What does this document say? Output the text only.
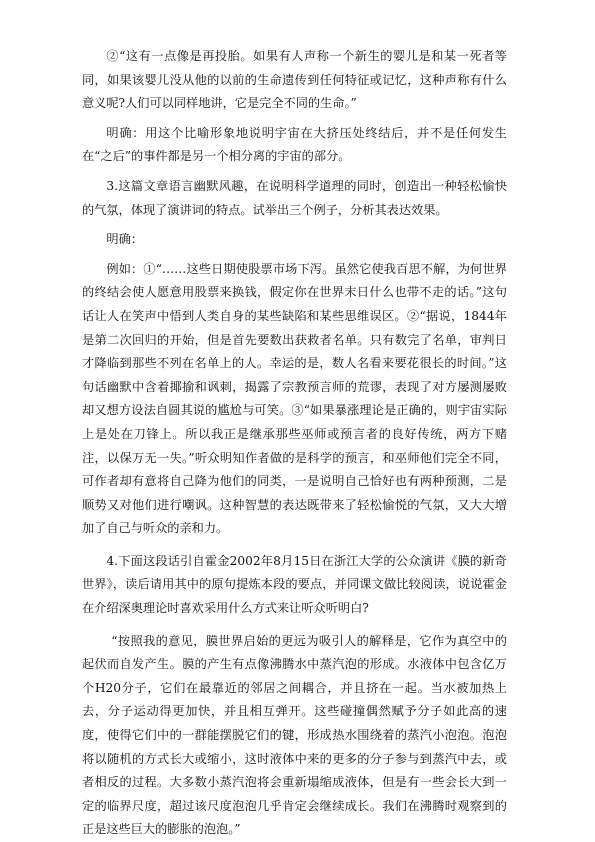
②“这有一点像是再投胎。如果有人声称一个新生的婴儿是和某一死者等同，如果该婴儿没从他的以前的生命遗传到任何特征或记忆，这种声称有什么意义呢?人们可以同样地讲，它是完全不同的生命。”

明确：用这个比喻形象地说明宇宙在大挤压处终结后，并不是任何发生在“之后”的事件都是另一个相分离的宇宙的部分。

3.这篇文章语言幽默风趣，在说明科学道理的同时，创造出一种轻松愉快的气氛，体现了演讲词的特点。试举出三个例子，分析其表达效果。

明确：

例如：①“……这些日期使股票市场下泻。虽然它使我百思不解，为何世界的终结会使人愿意用股票来换钱，假定你在世界末日什么也带不走的话。”这句话让人在笑声中悟到人类自身的某些缺陷和某些思维误区。②“据说，1844年是第二次回归的开始，但是首先要数出获救者名单。只有数完了名单，审判日才降临到那些不列在名单上的人。幸运的是，数人名看来要花很长的时间。”这句话幽默中含着揶揄和讽刺，揭露了宗教预言师的荒谬，表现了对方屡测屡败却又想方设法自圆其说的尴尬与可笑。③“如果暴涨理论是正确的，则宇宙实际上是处在刀锋上。所以我正是继承那些巫师或预言者的良好传统，两方下赌注，以保万无一失。”听众明知作者做的是科学的预言，和巫师他们完全不同，可作者却有意将自己降为他们的同类，一是说明自己恰好也有两种预测，二是顺势又对他们进行嘲讽。这种智慧的表达既带来了轻松愉悦的气氛，又大大增加了自己与听众的亲和力。

4.下面这段话引自霍金2002年8月15日在浙江大学的公众演讲《膜的新奇世界》，读后请用其中的原句提炼本段的要点，并同课文做比较阅读，说说霍金在介绍深奥理论时喜欢采用什么方式来让听众听明白?

“按照我的意见，膜世界启始的更远为吸引人的解释是，它作为真空中的起伏而自发产生。膜的产生有点像沸腾水中蒸汽泡的形成。水液体中包含亿万个H20分子，它们在最靠近的邻居之间耦合，并且挤在一起。当水被加热上去，分子运动得更加快，并且相互弹开。这些碰撞偶然赋予分子如此高的速度，使得它们中的一群能摆脱它们的键，形成热水围绕着的蒸汽小泡泡。泡泡将以随机的方式长大或缩小，这时液体中来的更多的分子参与到蒸汽中去，或者相反的过程。大多数小蒸汽泡将会重新塌缩成液体，但是有一些会长大到一定的临界尺度，超过该尺度泡泡几乎肯定会继续成长。我们在沸腾时观察到的正是这些巨大的膨胀的泡泡。”
